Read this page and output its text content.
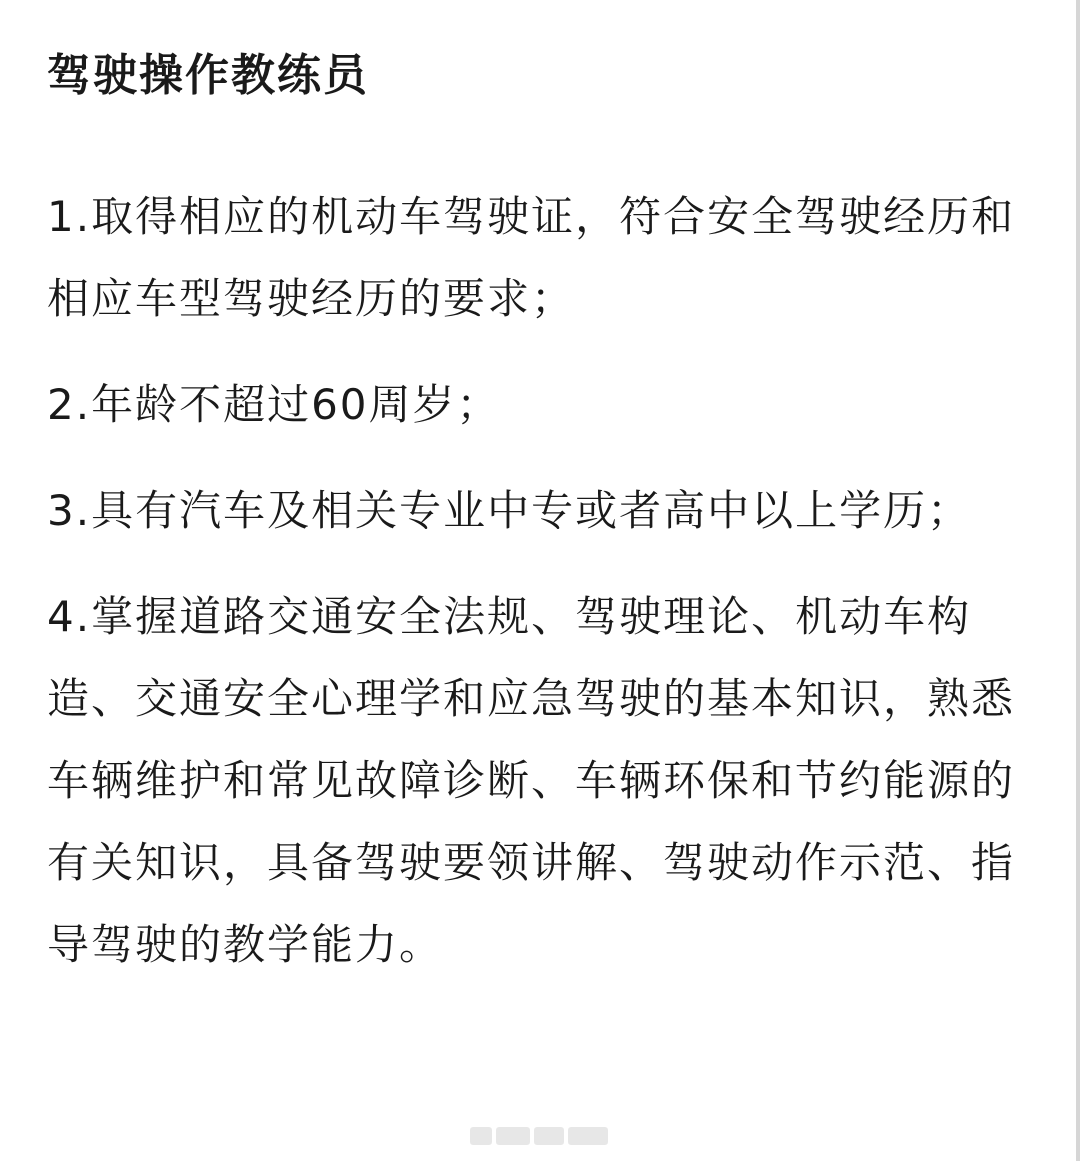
驾驶操作教练员

1.取得相应的机动车驾驶证，符合安全驾驶经历和相应车型驾驶经历的要求；

2.年龄不超过60周岁；

3.具有汽车及相关专业中专或者高中以上学历；

4.掌握道路交通安全法规、驾驶理论、机动车构造、交通安全心理学和应急驾驶的基本知识，熟悉车辆维护和常见故障诊断、车辆环保和节约能源的有关知识，具备驾驶要领讲解、驾驶动作示范、指导驾驶的教学能力。
